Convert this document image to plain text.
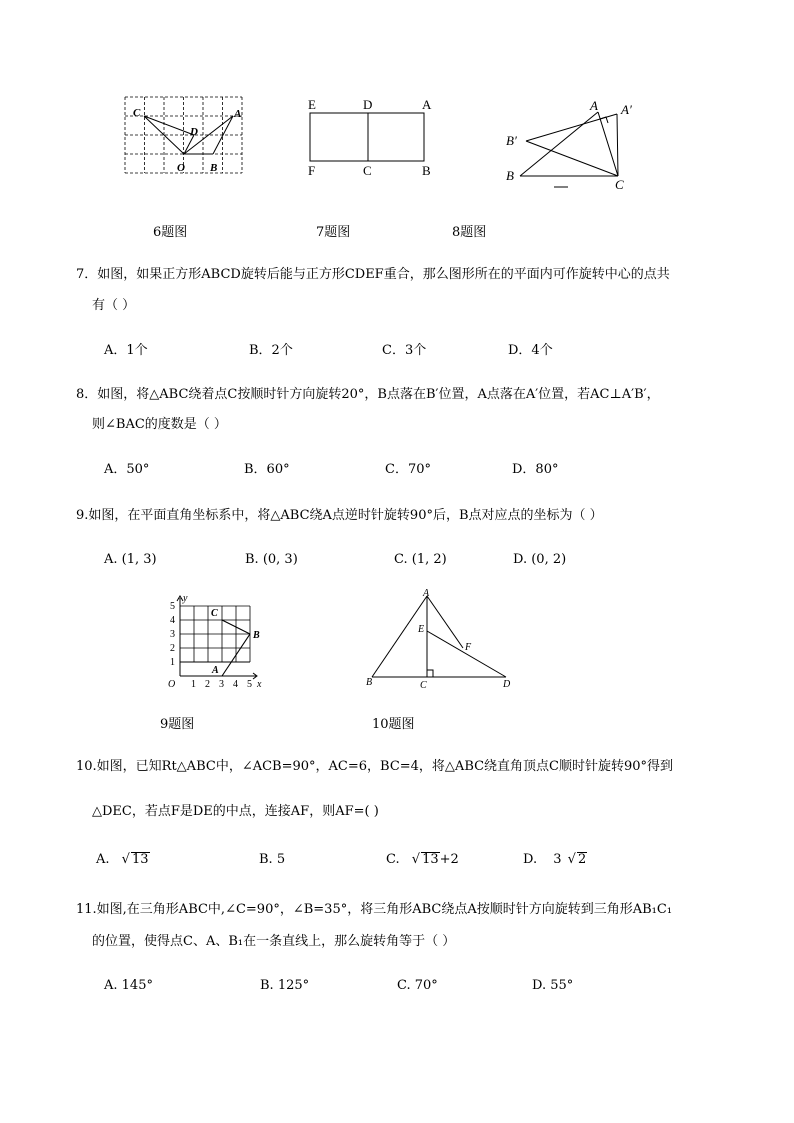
C	A
D
O B
6题图
E	D	A
F	C	B
7题图
A A′
B′
B
C
8题图
7．如图，如果正方形ABCD旋转后能与正方形CDEF重合，那么图形所在的平面内可作旋转中心的点共
有（ ）
A．1个	B．2个	C．3个	D．4个
8．如图，将△ABC绕着点C按顺时针方向旋转20°，B点落在B′位置，A点落在A′位置，若AC⊥A′B′，
则∠BAC的度数是（ ）
A．50°	B．60°	C．70°	D．80°
9.如图，在平面直角坐标系中，将△ABC绕A点逆时针旋转90°后，B点对应点的坐标为（ ）
A. (1, 3)	B. (0, 3)	C. (1, 2)	D. (0, 2)
y
5
4
3
2
1
O 1 2 3 4 5 x
C
B
A
9题图
A
E
F
B	C	D
10题图
10.如图，已知Rt△ABC中，∠ACB=90°，AC=6，BC=4，将△ABC绕直角顶点C顺时针旋转90°得到
△DEC，若点F是DE的中点，连接AF，则AF=( )
A. √ 13	B. 5	C. √ 13+2	D. 3 √ 2
11.如图,在三角形ABC中,∠C=90°，∠B=35°，将三角形ABC绕点A按顺时针方向旋转到三角形AB₁C₁
的位置，使得点C、A、B₁在一条直线上，那么旋转角等于（ ）
A. 145°	B. 125°	C. 70°	D. 55°
